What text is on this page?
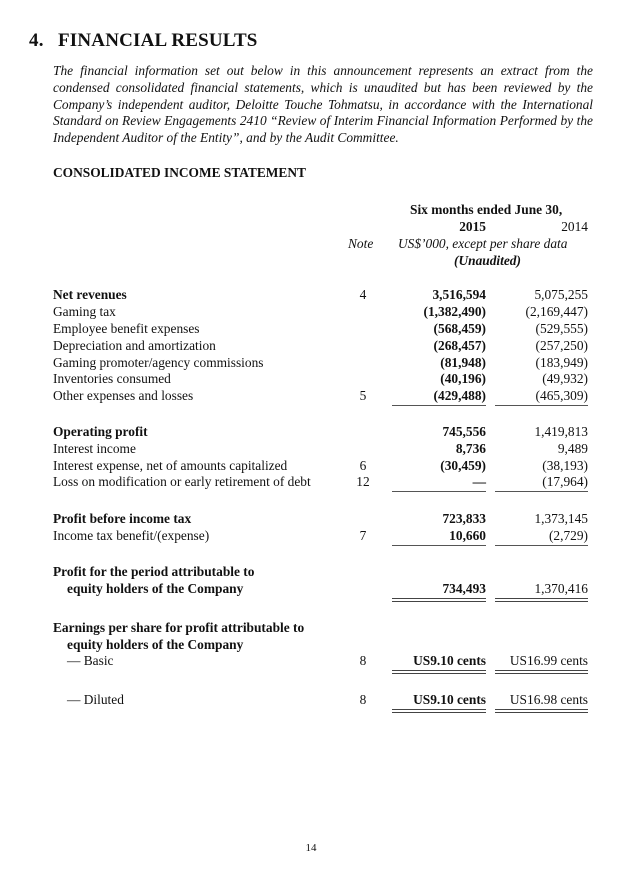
4. FINANCIAL RESULTS
The financial information set out below in this announcement represents an extract from the condensed consolidated financial statements, which is unaudited but has been reviewed by the Company’s independent auditor, Deloitte Touche Tohmatsu, in accordance with the International Standard on Review Engagements 2410 “Review of Interim Financial Information Performed by the Independent Auditor of the Entity”, and by the Audit Committee.
CONSOLIDATED INCOME STATEMENT
Six months ended June 30,
2015	2014
Note US$’000, except per share data
(Unaudited)
Net revenues	4	3,516,594	5,075,255
Gaming tax	(1,382,490)	(2,169,447)
Employee benefit expenses	(568,459)	(529,555)
Depreciation and amortization	(268,457)	(257,250)
Gaming promoter/agency commissions	(81,948)	(183,949)
Inventories consumed	(40,196)	(49,932)
Other expenses and losses	5	(429,488)	(465,309)
Operating profit	745,556	1,419,813
Interest income	8,736	9,489
Interest expense, net of amounts capitalized	6	(30,459)	(38,193)
Loss on modification or early retirement of debt	12	—	(17,964)
Profit before income tax	723,833	1,373,145
Income tax benefit/(expense)	7	10,660	(2,729)
Profit for the period attributable to
equity holders of the Company	734,493	1,370,416
Earnings per share for profit attributable to
equity holders of the Company
— Basic	8	US9.10 cents	US16.99 cents
— Diluted	8	US9.10 cents	US16.98 cents
14
